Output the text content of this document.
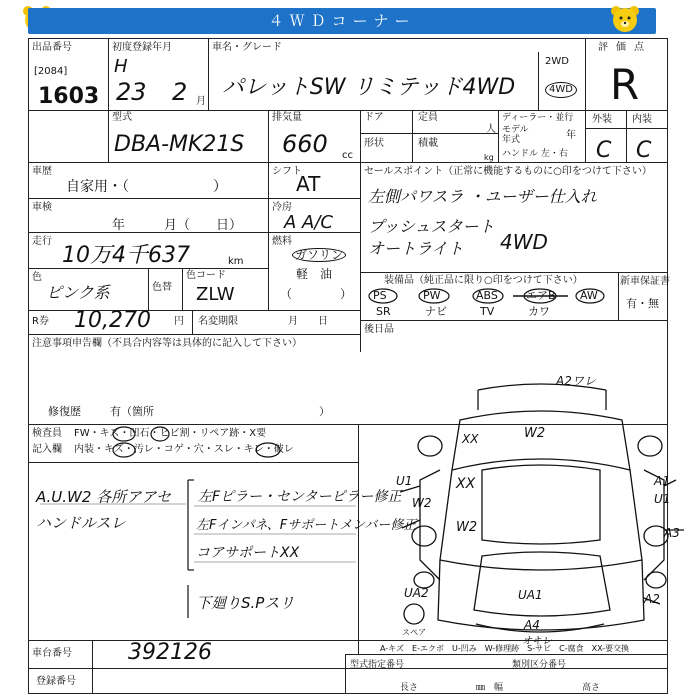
４ＷＤコーナー
出品番号
[2084]
1603
初度登録年月
H
23 2 月
車名・グレード
パレットSW リミテッド4WD
2WD
4WD
評価点
R
外装 内装
C C
型式
DBA-MK21S
排気量
660 cc
ドア	定員
人
形状	積載
kg
ディーラー・並行
モデル
年式	年
ハンドル 左・右
車歴
自家用・（　　　　　　）
シフト
AT
車検
年　　　月（　　日）
冷房
A A/C
走行
10万4千637	km
燃料
ガソリン
軽　油
（　　　　）
色
ピンク系	色替
色コード
ZLW
R券 10,270 円 名変期限	月　　日
注意事項申告欄（不具合内容等は具体的に記入して下さい）
修復歴	有（箇所　　　　　　　　　　　　　　　）
セールスポイント（正常に機能するものに○印をつけて下さい）
左側パワスラ ・ユーザー仕入れ
プッシュスタート
オートライト 4WD
装備品（純正品に限り○印をつけて下さい）
PS	PW	ABS	エアB AW
SR	ナビ	TV	カワ
新車保証書
有・無
後日品
検査員
記入欄
FW・キズ・凹石・ヒビ割・リペア跡・X要
内装・キズ・汚レ・コゲ・穴・スレ・キレ・破レ
A.U.W2 各所アアセ
ハンドルスレ
左Fピラー・センターピラー修正
左Fインパネ、Fサポートメンバー修正
コアサポートXX
下廻りS.Pスリ
A2ワレ
W2
XX
U1
W2
XX
W2
A1
U1
A3
UA2	UA1	A2
A4
オキレ
スペア
A-キズ　E-エクボ　U-凹み　W-修理跡　S-サビ　C-腐食　XX-要交換
車台番号	392126
登録番号
型式指定番号	類別区分番号
長さ	幅	高さ
㎜
